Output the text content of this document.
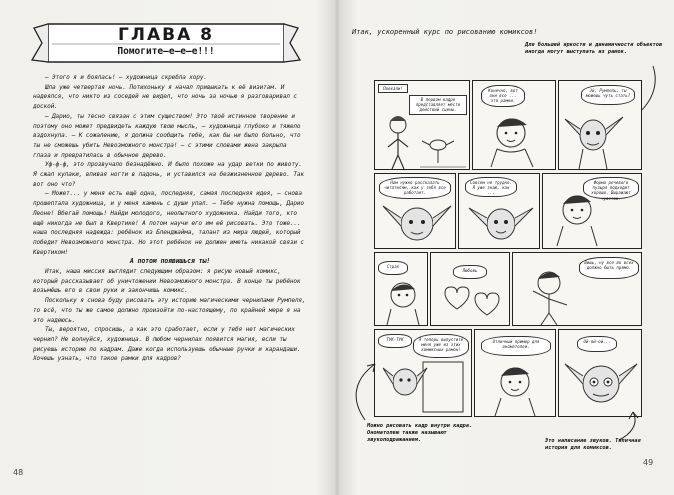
ГЛАВА 8
Помогите–е–е–е!!!

– Этого я и боялась! – художница скребла хору.

Шла уже четвертая ночь. Потихоньку я начал привыкать к её визитам. И надеялся, что никто из соседей не видел, что ночь за ночью я разговаривал с доской.

– Дарио, ты тесно связан с этим существом! Это твоё истинное творение и поэтому оно может предвидеть каждую твою мысль, – художница глубоко и тяжело вздохнула. – К сожалению, я должна сообщить тебе, как бы ни было больно, что ты не сможешь убить Невозможного монстра! – с этими словами жена закрыла глаза и превратилась в обычное дерево.

Уф-ф-ф, это прозвучало безнадёжно. И было похоже на удар ветки по животу. Я сжал кулаки, впивая ногти в ладонь, и уставился на безжизненное дерево. Так вот оно что?

– Может... у меня есть ещё одна, последняя, самая последняя идея, – снова прошептала художница, и у меня камень с души упал. – Тебе нужна помощь, Дарио Леоне! Вбегай помощь! Найди молодого, неопытного художника. Найди того, кто ещё никогда не был в Квертике! А потом научи его им её рисовать. Это тоже... наша последняя надежда: ребёнок из Бленджайма, талант из мира людей, который победит Невозможного монстра. Но этот ребёнок не должен иметь никакой связи с Квертиком!

А потом появишься ты!

Итак, наша миссия выглядит следующим образом: я рисую новый комикс, который рассказывает об уничтожении Невозможного монстра. В конце ты ребёнок возьмёшь его в свои руки и закончишь комикс.

Поскольку я снова буду рисовать эту историю магическими чернилами Румпеля, то всё, что ты же самое должно произойти по-настоящему, по крайней мере я на это надеюсь.

Ты, вероятно, спросишь, а как это сработает, если у тебя нет магических чернил? Не волнуйся, художница. В любом чернилах появится магия, если ты рисуешь историю по кадрам. Даже когда используешь обычные ручки и карандаши. Хочешь узнать, что такое рамки для кадров?

48
Итак, ускоренный курс по рисованию комиксов!
Для большей яркости и динамичности объектов иногда могут выступать из рамок.
Поехали!
В первом кадре представляет место действий сцены.
Конечно, вот они все ... это рамки.
Эй, Румпель, ты можешь чуть стать?
Нам нужно рассказать читателям, как у тебя все работает.
Совсем не трудно. Я уже знаю, как ...
Форма речевого пузыря подходит хорошо. Выражают чувства.
Страх
Любовь
Вишь, ну все во всех должно быть прямо.
ТУК-ТУК	А теперь выпустите меня уже из этих комиксных рамок!
Отличный пример для ономатопеи.
Ой-ой-ой...
Можно рисовать кадр внутри кадра. Ономатопею также называют звукоподражанием.	Это написание звуков. Типичная история для комиксов.
49
